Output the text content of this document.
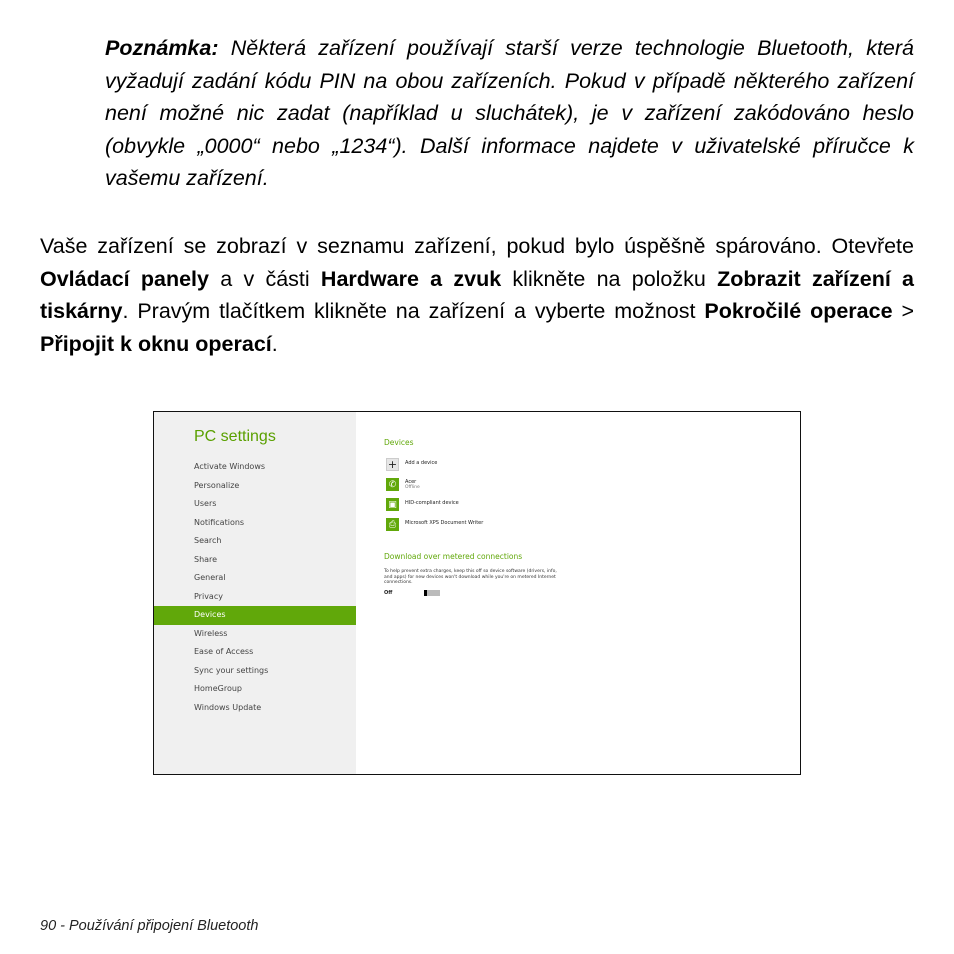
Poznámka: Některá zařízení používají starší verze technologie Bluetooth, která vyžadují zadání kódu PIN na obou zařízeních. Pokud v případě některého zařízení není možné nic zadat (například u sluchátek), je v zařízení zakódováno heslo (obvykle „0000“ nebo „1234“). Další informace najdete v uživatelské příručce k vašemu zařízení.
Vaše zařízení se zobrazí v seznamu zařízení, pokud bylo úspěšně spárováno. Otevřete Ovládací panely a v části Hardware a zvuk klikněte na položku Zobrazit zařízení a tiskárny. Pravým tlačítkem klikněte na zařízení a vyberte možnost Pokročilé operace > Připojit k oknu operací.
PC settings
Activate Windows
Personalize
Users
Notifications
Search
Share
General
Privacy
Devices
Wireless
Ease of Access
Sync your settings
HomeGroup
Windows Update
Devices
+	Add a device
✆	Acer
Offline
▣	HID-compliant device
⎙	Microsoft XPS Document Writer
Download over metered connections
To help prevent extra charges, keep this off so device software (drivers, info, and apps) for new devices won't download while you're on metered Internet connections.
Off
90 - Používání připojení Bluetooth
